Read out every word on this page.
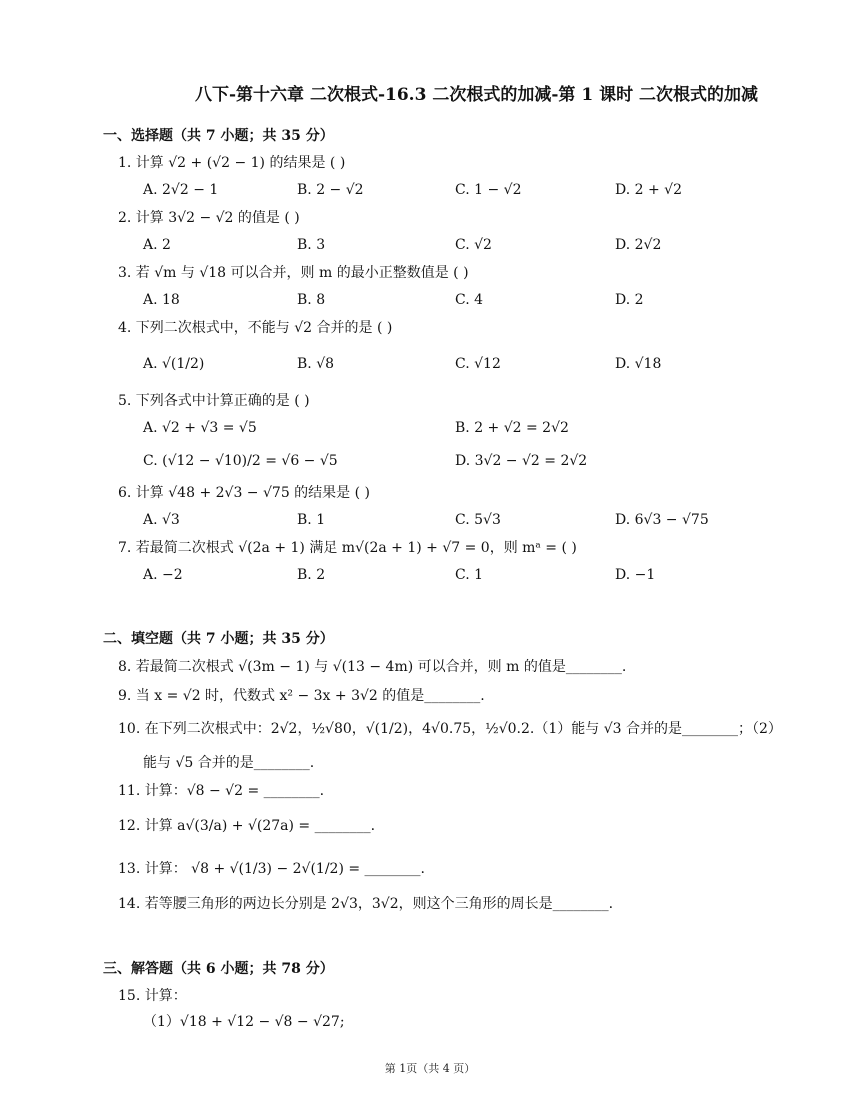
八下-第十六章 二次根式-16.3 二次根式的加减-第 1 课时 二次根式的加减
一、选择题（共 7 小题；共 35 分）
1. 计算 √2 + (√2 − 1) 的结果是 ( )
A. 2√2 − 1	B. 2 − √2	C. 1 − √2	D. 2 + √2
2. 计算 3√2 − √2 的值是 ( )
A. 2	B. 3	C. √2	D. 2√2
3. 若 √m 与 √18 可以合并，则 m 的最小正整数值是 ( )
A. 18	B. 8	C. 4	D. 2
4. 下列二次根式中，不能与 √2 合并的是 ( )
A. √(1/2)	B. √8	C. √12	D. √18
5. 下列各式中计算正确的是 ( )
A. √2 + √3 = √5	B. 2 + √2 = 2√2
C. (√12 − √10)/2 = √6 − √5	D. 3√2 − √2 = 2√2
6. 计算 √48 + 2√3 − √75 的结果是 ( )
A. √3	B. 1	C. 5√3	D. 6√3 − √75
7. 若最简二次根式 √(2a + 1) 满足 m√(2a + 1) + √7 = 0，则 mᵃ = ( )
A. −2	B. 2	C. 1	D. −1
二、填空题（共 7 小题；共 35 分）
8. 若最简二次根式 √(3m − 1) 与 √(13 − 4m) 可以合并，则 m 的值是________.
9. 当 x = √2 时，代数式 x² − 3x + 3√2 的值是________.
10. 在下列二次根式中：2√2，½√80，√(1/2)，4√0.75，½√0.2.（1）能与 √3 合并的是________；（2）
能与 √5 合并的是________.
11. 计算：√8 − √2 = ________.
12. 计算 a√(3/a) + √(27a) = ________.
13. 计算： √8 + √(1/3) − 2√(1/2) = ________.
14. 若等腰三角形的两边长分别是 2√3，3√2，则这个三角形的周长是________.
三、解答题（共 6 小题；共 78 分）
15. 计算：
（1）√18 + √12 − √8 − √27;
第 1页（共 4 页）
